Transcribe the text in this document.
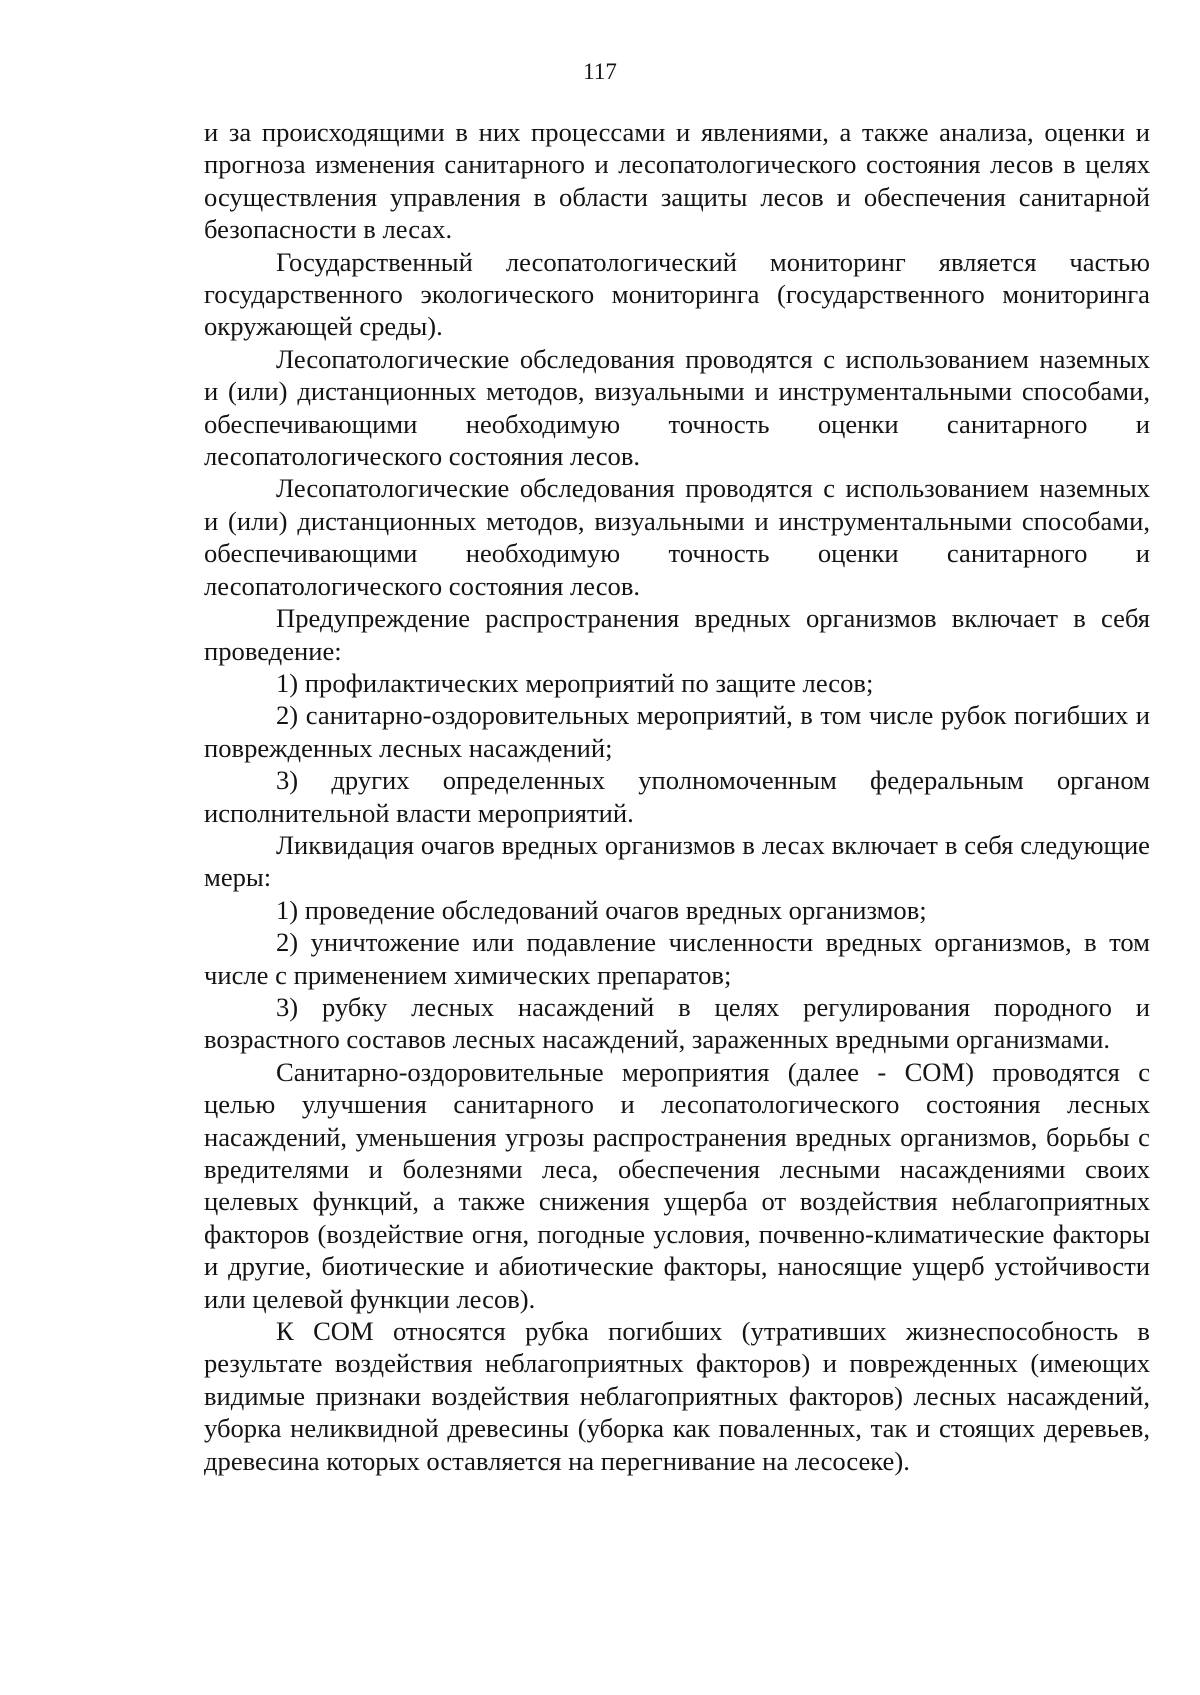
117

и за происходящими в них процессами и явлениями, а также анализа, оценки и прогноза изменения санитарного и лесопатологического состояния лесов в целях осуществления управления в области защиты лесов и обеспечения санитарной безопасности в лесах.

Государственный лесопатологический мониторинг является частью государственного экологического мониторинга (государственного мониторинга окружающей среды).

Лесопатологические обследования проводятся с использованием наземных и (или) дистанционных методов, визуальными и инструментальными способами, обеспечивающими необходимую точность оценки санитарного и лесопатологического состояния лесов.

Лесопатологические обследования проводятся с использованием наземных и (или) дистанционных методов, визуальными и инструментальными способами, обеспечивающими необходимую точность оценки санитарного и лесопатологического состояния лесов.

Предупреждение распространения вредных организмов включает в себя проведение:

1) профилактических мероприятий по защите лесов;

2) санитарно-оздоровительных мероприятий, в том числе рубок погибших и поврежденных лесных насаждений;

3) других определенных уполномоченным федеральным органом исполнительной власти мероприятий.

Ликвидация очагов вредных организмов в лесах включает в себя следующие меры:

1) проведение обследований очагов вредных организмов;

2) уничтожение или подавление численности вредных организмов, в том числе с применением химических препаратов;

3) рубку лесных насаждений в целях регулирования породного и возрастного составов лесных насаждений, зараженных вредными организмами.

Санитарно-оздоровительные мероприятия (далее - СОМ) проводятся с целью улучшения санитарного и лесопатологического состояния лесных насаждений, уменьшения угрозы распространения вредных организмов, борьбы с вредителями и болезнями леса, обеспечения лесными насаждениями своих целевых функций, а также снижения ущерба от воздействия неблагоприятных факторов (воздействие огня, погодные условия, почвенно-климатические факторы и другие, биотические и абиотические факторы, наносящие ущерб устойчивости или целевой функции лесов).

К СОМ относятся рубка погибших (утративших жизнеспособность в результате воздействия неблагоприятных факторов) и поврежденных (имеющих видимые признаки воздействия неблагоприятных факторов) лесных насаждений, уборка неликвидной древесины (уборка как поваленных, так и стоящих деревьев, древесина которых оставляется на перегнивание на лесосеке).
